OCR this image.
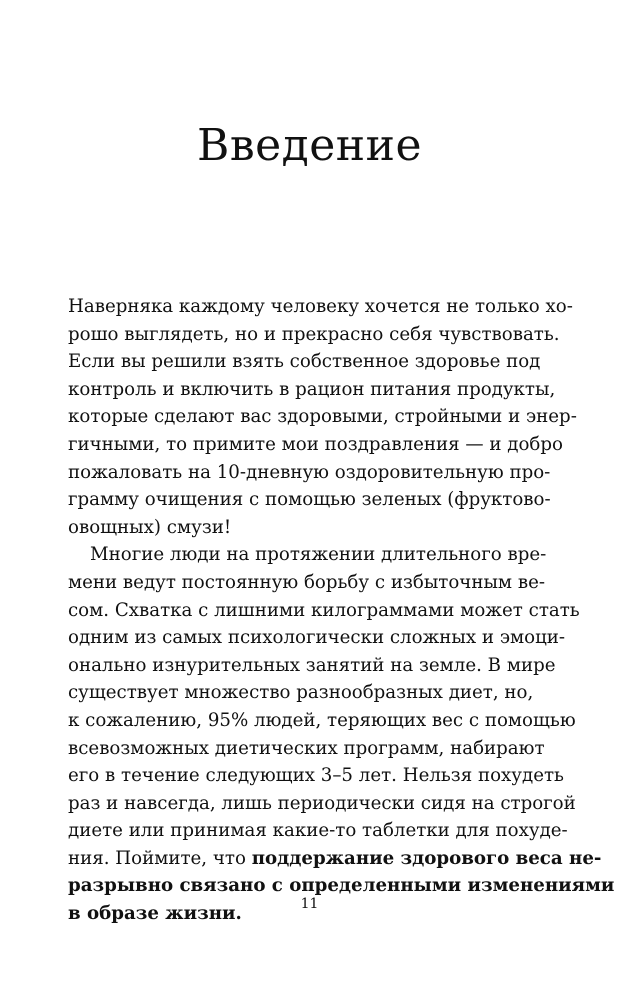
Введение
Наверняка каждому человеку хочется не только хо-
рошо выглядеть, но и прекрасно себя чувствовать.
Если вы решили взять собственное здоровье под
контроль и включить в рацион питания продукты,
которые сделают вас здоровыми, стройными и энер-
гичными, то примите мои поздравления — и добро
пожаловать на 10-дневную оздоровительную про-
грамму очищения с помощью зеленых (фруктово-
овощных) смузи!
Многие люди на протяжении длительного вре-
мени ведут постоянную борьбу с избыточным ве-
сом. Схватка с лишними килограммами может стать
одним из самых психологически сложных и эмоци-
онально изнурительных занятий на земле. В мире
существует множество разнообразных диет, но,
к сожалению, 95% людей, теряющих вес с помощью
всевозможных диетических программ, набирают
его в течение следующих 3–5 лет. Нельзя похудеть
раз и навсегда, лишь периодически сидя на строгой
диете или принимая какие-то таблетки для похуде-
ния. Поймите, что поддержание здорового веса не-
разрывно связано с определенными изменениями
в образе жизни.	11
